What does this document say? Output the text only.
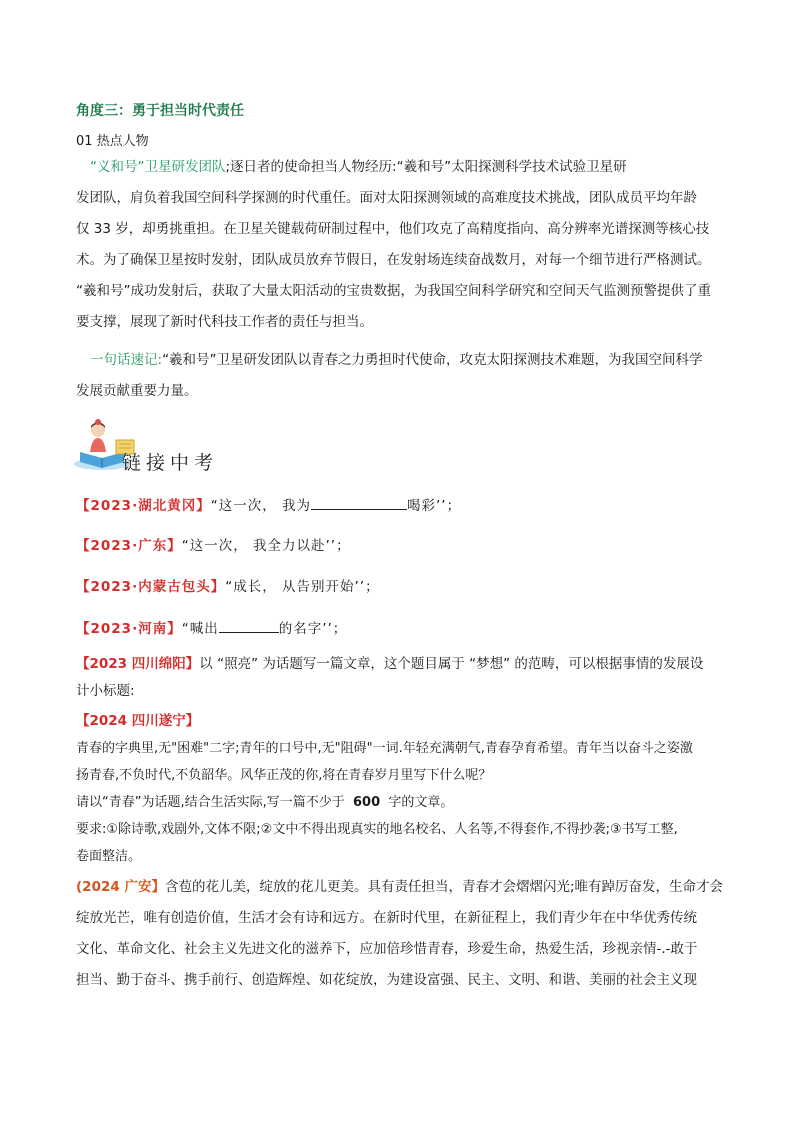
角度三：勇于担当时代责任
01 热点人物
“义和号”卫星研发团队;逐日者的使命担当人物经历:“羲和号”太阳探测科学技术试验卫星研
发团队，肩负着我国空间科学探测的时代重任。面对太阳探测领域的高难度技术挑战，团队成员平均年龄
仅 33 岁，却勇挑重担。在卫星关键载荷研制过程中，他们攻克了高精度指向、高分辨率光谱探测等核心技
术。为了确保卫星按时发射，团队成员放弃节假日，在发射场连续奋战数月，对每一个细节进行严格测试。
“羲和号”成功发射后，获取了大量太阳活动的宝贵数据，为我国空间科学研究和空间天气监测预警提供了重
要支撑，展现了新时代科技工作者的责任与担当。
一句话速记:“羲和号”卫星研发团队以青春之力勇担时代使命，攻克太阳探测技术难题，为我国空间科学
发展贡献重要力量。
链接中考
【2023·湖北黄冈】“这一次， 我为	喝彩’’；
【2023·广东】“这一次， 我全力以赴’’；
【2023·内蒙古包头】“成长， 从告别开始’’；
【2023·河南】“喊出	的名字’’；
【2023 四川绵阳】以 “照亮” 为话题写一篇文章，这个题目属于 “梦想” 的范畴，可以根据事情的发展设
计小标题:
【2024 四川遂宁】
青春的字典里,无"困难"二字;青年的口号中,无"阻碍"一词.年轻充满朝气,青春孕育希望。青年当以奋斗之姿激
扬青春,不负时代,不负韶华。风华正茂的你,将在青春岁月里写下什么呢？
请以“青春”为话题,结合生活实际,写一篇不少于 600 字的文章。
要求:①除诗歌,戏剧外,文体不限;②文中不得出现真实的地名校名、人名等,不得套作,不得抄袭;③书写工整,
卷面整洁。
(2024 广安】含苞的花儿美，绽放的花儿更美。具有责任担当，青春才会熠熠闪光;唯有踔厉奋发，生命才会
绽放光芒，唯有创造价值，生活才会有诗和远方。在新时代里，在新征程上，我们青少年在中华优秀传统
文化、革命文化、社会主义先进文化的滋养下，应加倍珍惜青春，珍爱生命，热爱生活，珍视亲情-.-敢于
担当、勤于奋斗、携手前行、创造辉煌、如花绽放，为建设富强、民主、文明、和谐、美丽的社会主义现
